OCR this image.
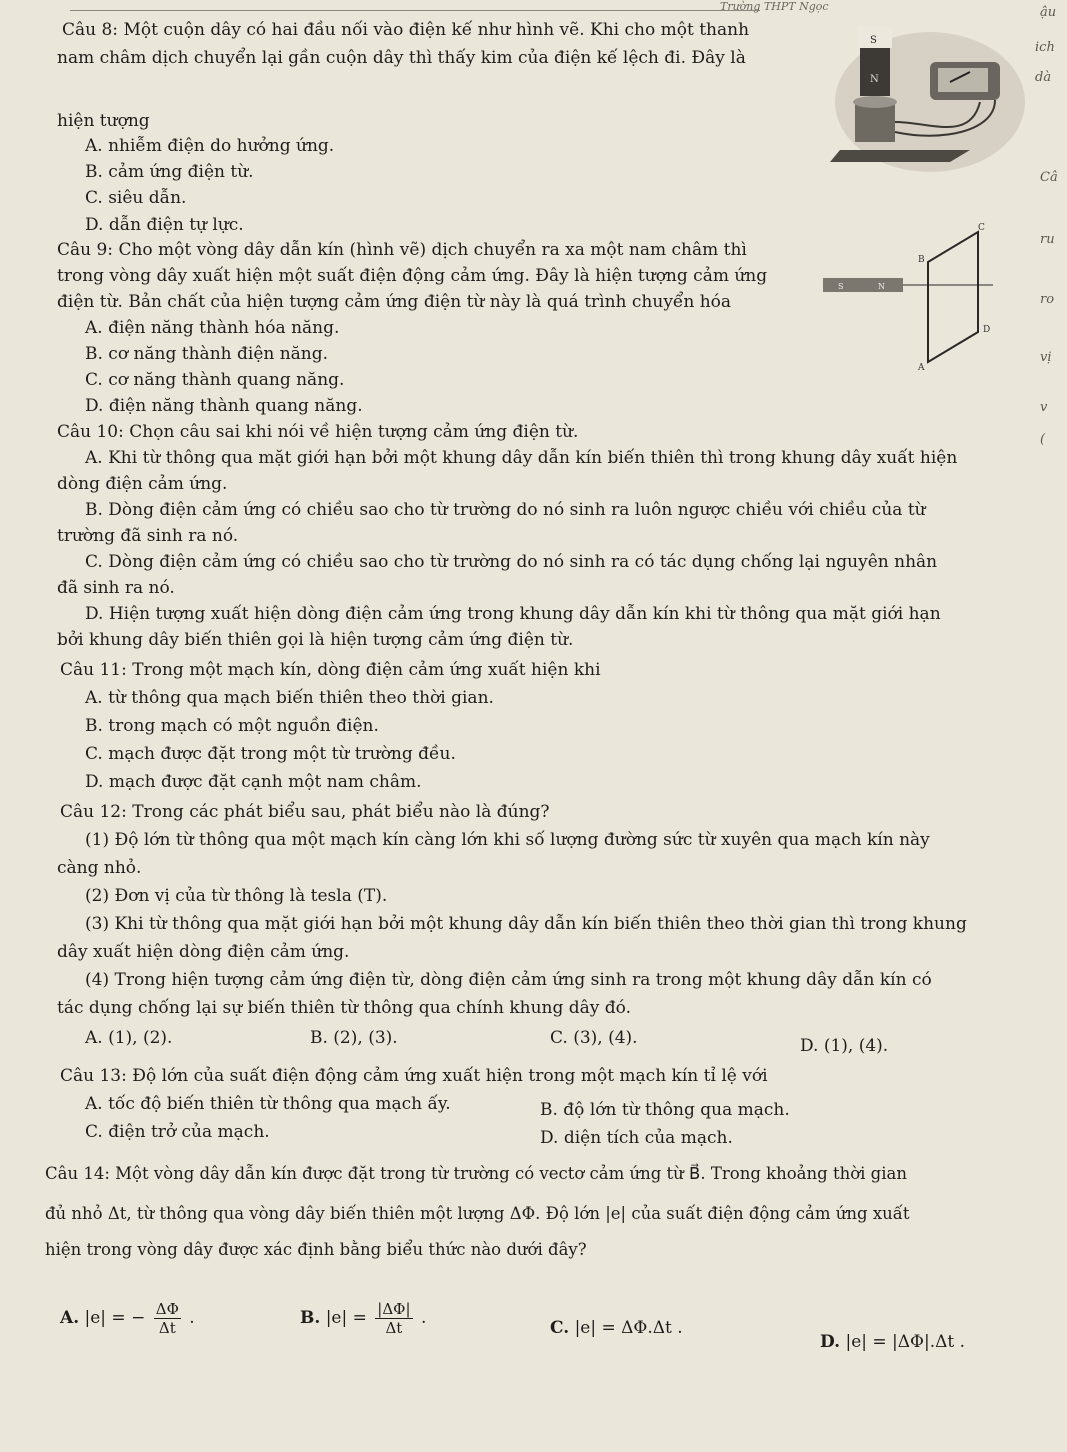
Trường THPT Ngọc
S
N
B
C
A
D
S	N
ậu
ich
dà
Câ
ru
ro
vị
v
(
Câu 8: Một cuộn dây có hai đầu nối vào điện kế như hình vẽ. Khi cho một thanh
nam châm dịch chuyển lại gần cuộn dây thì thấy kim của điện kế lệch đi. Đây là
hiện tượng
A. nhiễm điện do hưởng ứng.
B. cảm ứng điện từ.
C. siêu dẫn.
D. dẫn điện tự lực.
Câu 9: Cho một vòng dây dẫn kín (hình vẽ) dịch chuyển ra xa một nam châm thì
trong vòng dây xuất hiện một suất điện động cảm ứng. Đây là hiện tượng cảm ứng
điện từ. Bản chất của hiện tượng cảm ứng điện từ này là quá trình chuyển hóa
A. điện năng thành hóa năng.
B. cơ năng thành điện năng.
C. cơ năng thành quang năng.
D. điện năng thành quang năng.
Câu 10: Chọn câu sai khi nói về hiện tượng cảm ứng điện từ.
A. Khi từ thông qua mặt giới hạn bởi một khung dây dẫn kín biến thiên thì trong khung dây xuất hiện
dòng điện cảm ứng.
B. Dòng điện cảm ứng có chiều sao cho từ trường do nó sinh ra luôn ngược chiều với chiều của từ
trường đã sinh ra nó.
C. Dòng điện cảm ứng có chiều sao cho từ trường do nó sinh ra có tác dụng chống lại nguyên nhân
đã sinh ra nó.
D. Hiện tượng xuất hiện dòng điện cảm ứng trong khung dây dẫn kín khi từ thông qua mặt giới hạn
bởi khung dây biến thiên gọi là hiện tượng cảm ứng điện từ.
Câu 11: Trong một mạch kín, dòng điện cảm ứng xuất hiện khi
A. từ thông qua mạch biến thiên theo thời gian.
B. trong mạch có một nguồn điện.
C. mạch được đặt trong một từ trường đều.
D. mạch được đặt cạnh một nam châm.
Câu 12: Trong các phát biểu sau, phát biểu nào là đúng?
(1) Độ lớn từ thông qua một mạch kín càng lớn khi số lượng đường sức từ xuyên qua mạch kín này
càng nhỏ.
(2) Đơn vị của từ thông là tesla (T).
(3) Khi từ thông qua mặt giới hạn bởi một khung dây dẫn kín biến thiên theo thời gian thì trong khung
dây xuất hiện dòng điện cảm ứng.
(4) Trong hiện tượng cảm ứng điện từ, dòng điện cảm ứng sinh ra trong một khung dây dẫn kín có
tác dụng chống lại sự biến thiên từ thông qua chính khung dây đó.
A. (1), (2).	B. (2), (3).	C. (3), (4).	D. (1), (4).
Câu 13: Độ lớn của suất điện động cảm ứng xuất hiện trong một mạch kín tỉ lệ với
A. tốc độ biến thiên từ thông qua mạch ấy.	B. độ lớn từ thông qua mạch.
C. điện trở của mạch.	D. diện tích của mạch.
Câu 14: Một vòng dây dẫn kín được đặt trong từ trường có vectơ cảm ứng từ B⃗. Trong khoảng thời gian
đủ nhỏ Δt, từ thông qua vòng dây biến thiên một lượng ΔΦ. Độ lớn |e| của suất điện động cảm ứng xuất
hiện trong vòng dây được xác định bằng biểu thức nào dưới đây?
A. |e| = − $\frac{\Delta\Phi}{\Delta t}$ .	B. $|e| = \frac{|\Delta\Phi|}{\Delta t}$ .	C. |e| = ΔΦ.Δt .
D. |e| = |ΔΦ|.Δt .
